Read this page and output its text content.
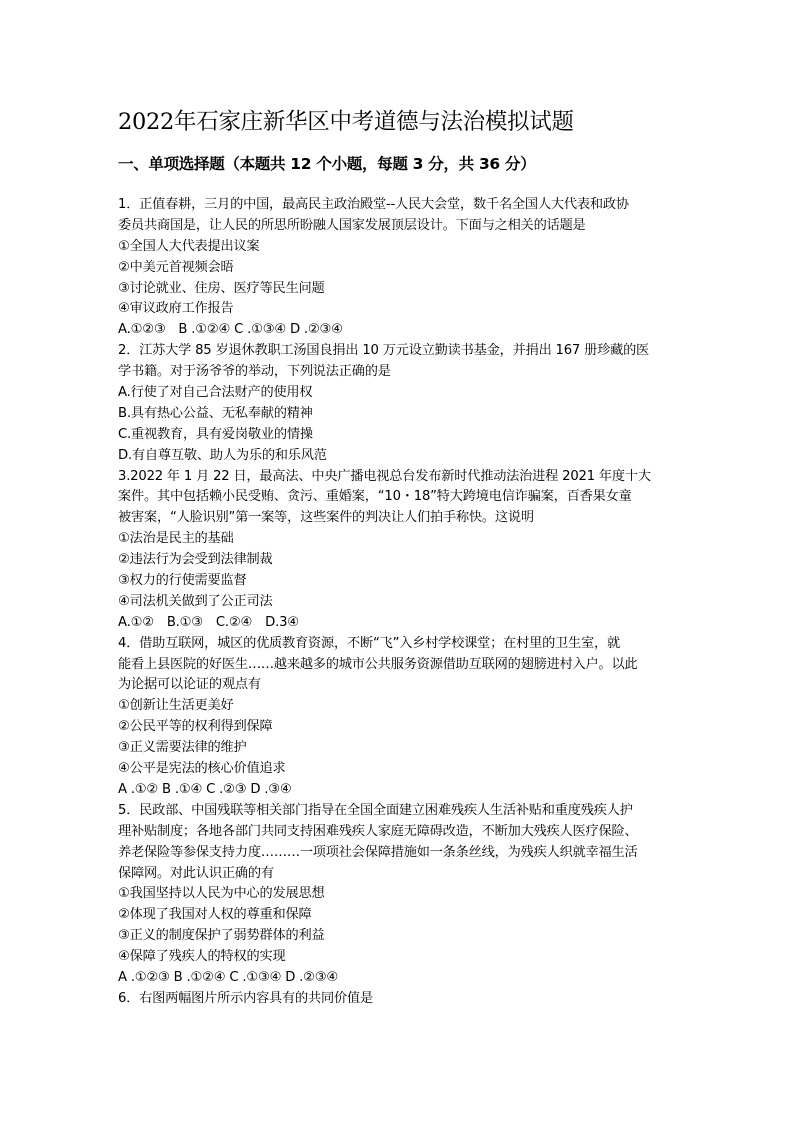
2022年石家庄新华区中考道德与法治模拟试题
一、单项选择题（本题共 12 个小题，每题 3 分，共 36 分）
1．正值春耕，三月的中国，最高民主政治殿堂--人民大会堂，数千名全国人大代表和政协
委员共商国是，让人民的所思所盼融人国家发展顶层设计。下面与之相关的话题是
①全国人大代表提出议案
②中美元首视频会晤
③讨论就业、住房、医疗等民生问题
④审议政府工作报告
A.①②③　B .①②④ C .①③④ D .②③④
2．江苏大学 85 岁退休教职工汤国良捐出 10 万元设立勤读书基金，并捐出 167 册珍藏的医
学书籍。对于汤爷爷的举动，下列说法正确的是
A.行使了对自己合法财产的使用权
B.具有热心公益、无私奉献的精神
C.重视教育，具有爱岗敬业的情操
D.有自尊互敬、助人为乐的和乐风范
3.2022 年 1 月 22 日，最高法、中央广播电视总台发布新时代推动法治进程 2021 年度十大
案件。其中包括赖小民受贿、贪污、重婚案，“10・18”特大跨境电信诈骗案，百香果女童
被害案，“人脸识别”第一案等，这些案件的判决让人们拍手称快。这说明
①法治是民主的基础
②违法行为会受到法律制裁
③权力的行使需要监督
④司法机关做到了公正司法
A.①②　B.①③　C.②④　D.3④
4．借助互联网，城区的优质教育资源，不断“飞”入乡村学校课堂；在村里的卫生室，就
能看上县医院的好医生……越来越多的城市公共服务资源借助互联网的翅膀进村入户。以此
为论据可以论证的观点有
①创新让生活更美好
②公民平等的权利得到保障
③正义需要法律的维护
④公平是宪法的核心价值追求
A .①② B .①④ C .②③ D .③④
5．民政部、中国残联等相关部门指导在全国全面建立困难残疾人生活补贴和重度残疾人护
理补贴制度；各地各部门共同支持困难残疾人家庭无障碍改造，不断加大残疾人医疗保险、
养老保险等参保支持力度………一项项社会保障措施如一条条丝线，为残疾人织就幸福生活
保障网。对此认识正确的有
①我国坚持以人民为中心的发展思想
②体现了我国对人权的尊重和保障
③正义的制度保护了弱势群体的利益
④保障了残疾人的特权的实现
A .①②③ B .①②④ C .①③④ D .②③④
6．右图两幅图片所示内容具有的共同价值是
